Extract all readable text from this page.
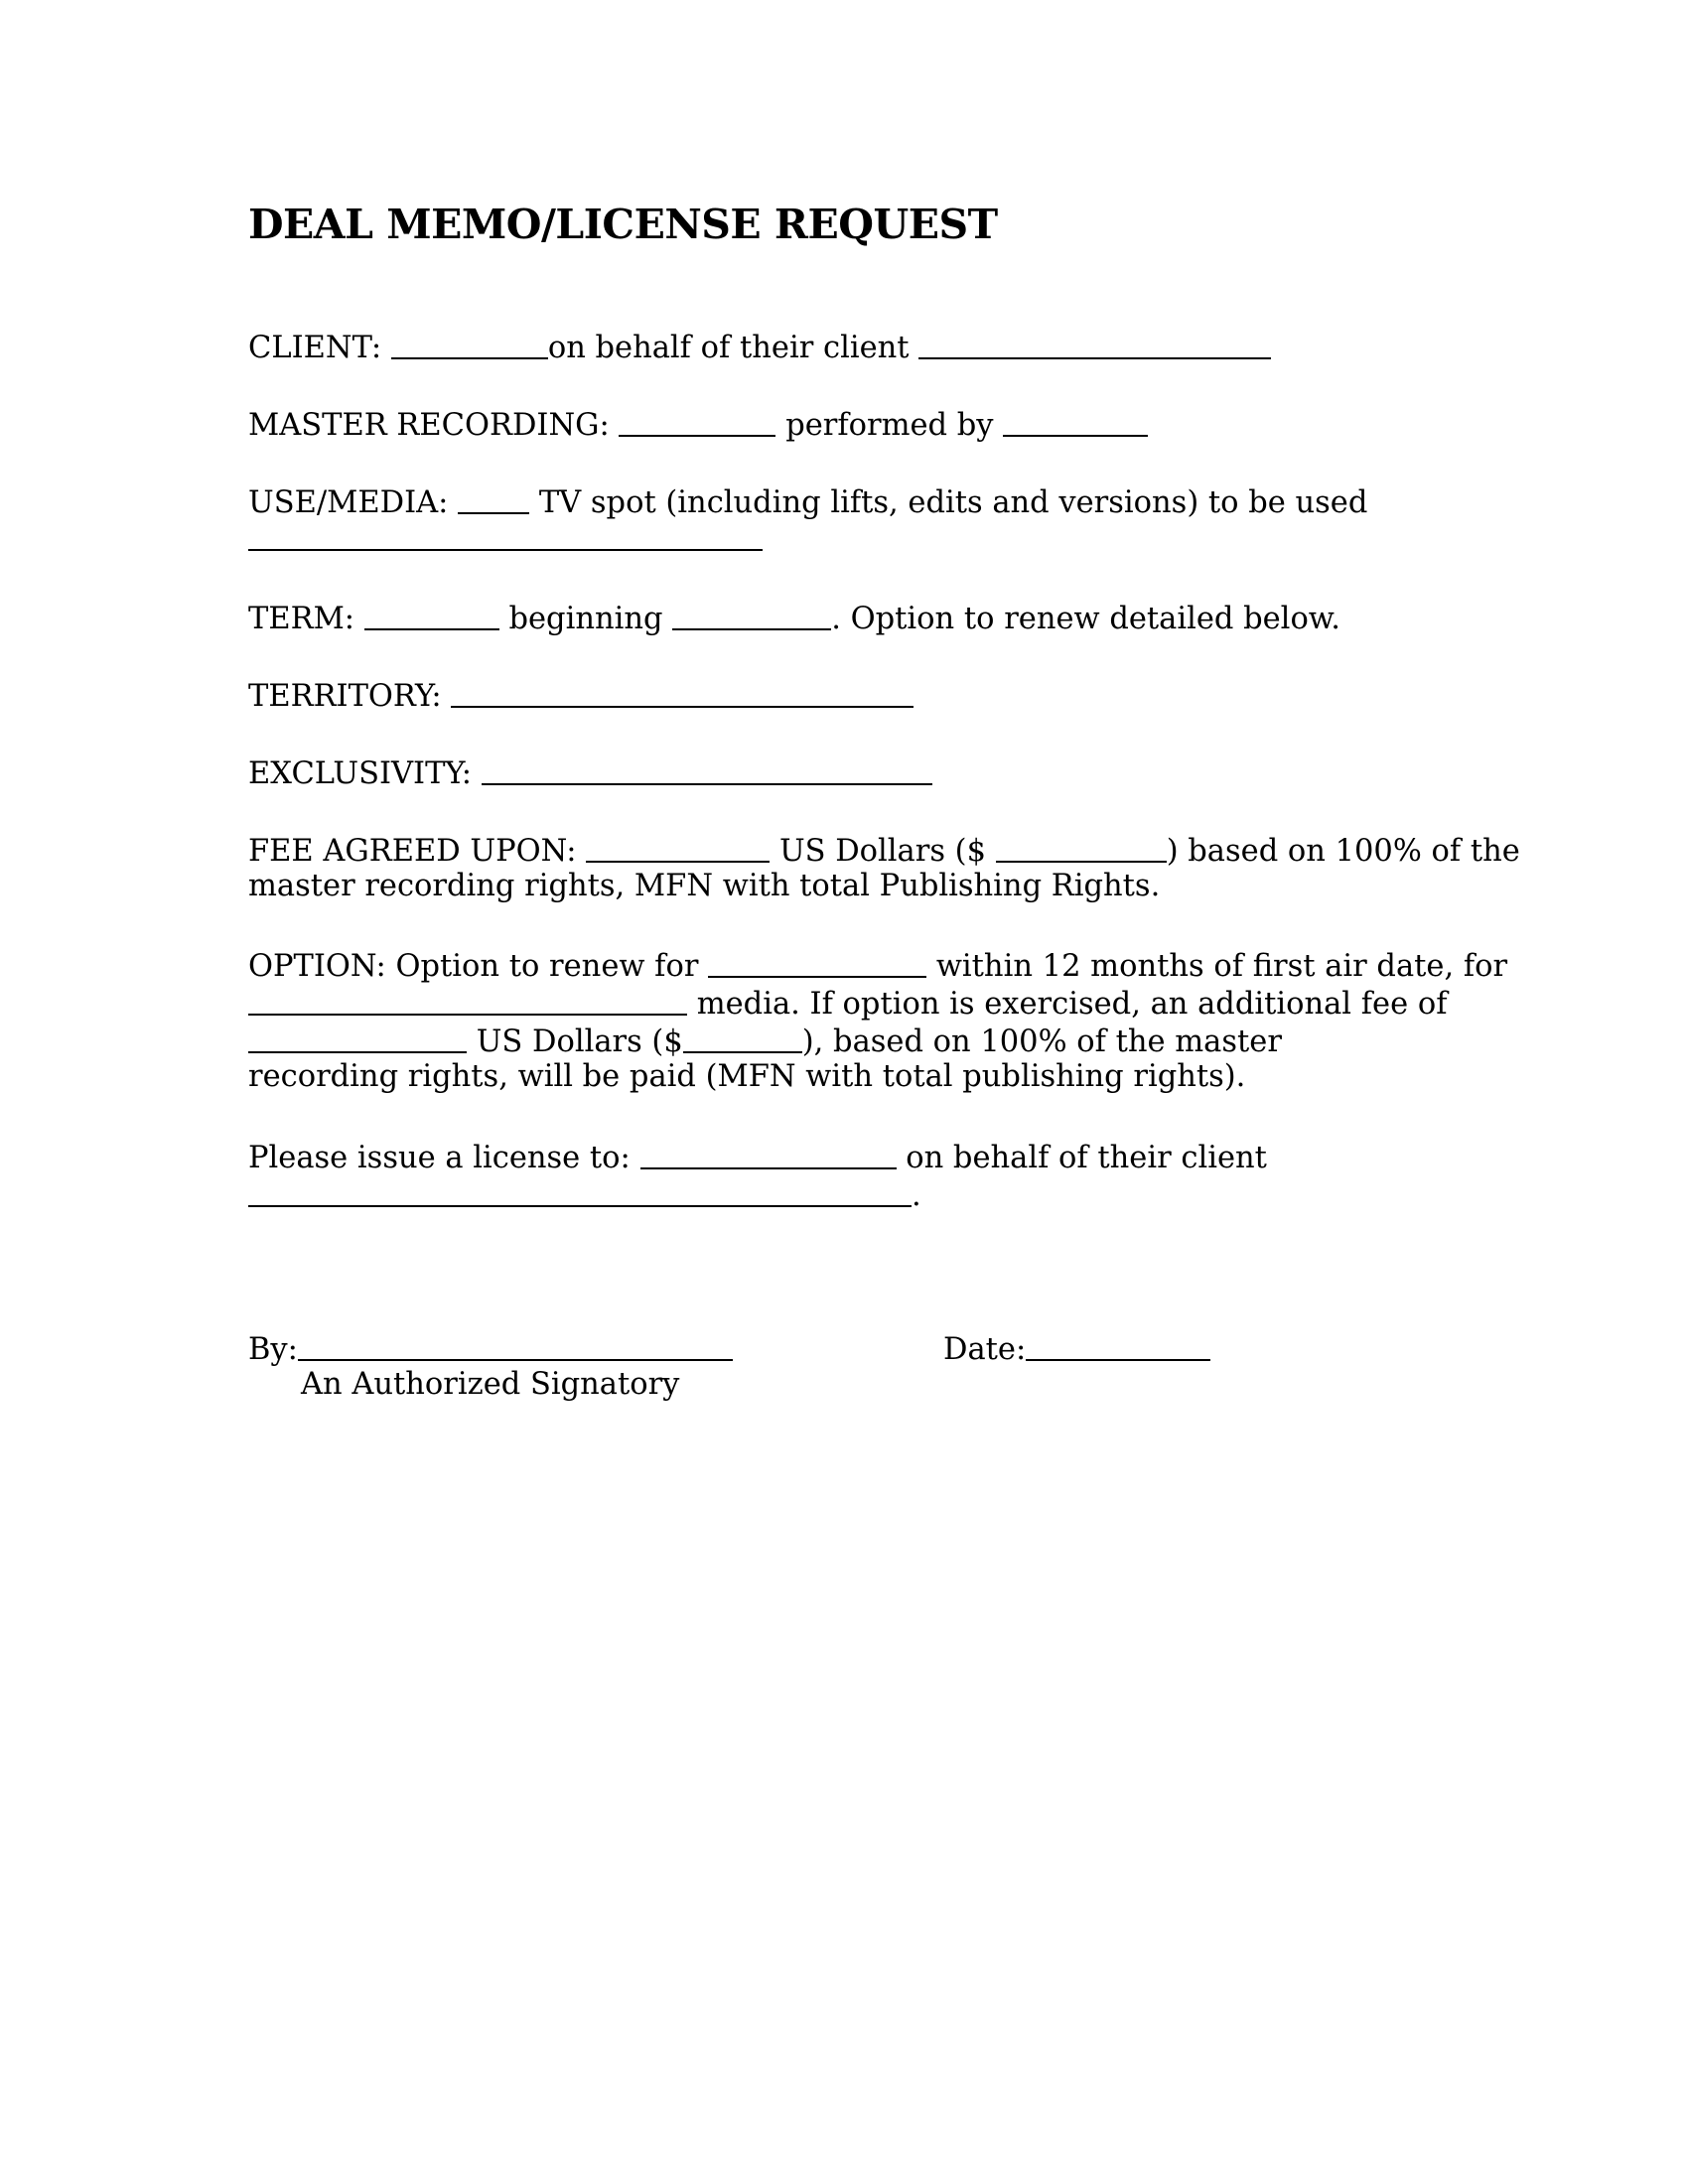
DEAL MEMO/LICENSE REQUEST
CLIENT:	on behalf of their client
MASTER RECORDING:	performed by
USE/MEDIA:	TV spot (including lifts, edits and versions) to be used
TERM:	beginning	. Option to renew detailed below.
TERRITORY:
EXCLUSIVITY:
FEE AGREED UPON:	US Dollars ($	) based on 100% of the
master recording rights, MFN with total Publishing Rights.
OPTION: Option to renew for	within 12 months of first air date, for
media. If option is exercised, an additional fee of
US Dollars ($	), based on 100% of the master
recording rights, will be paid (MFN with total publishing rights).
Please issue a license to:	on behalf of their client
.
By:	Date:
An Authorized Signatory
